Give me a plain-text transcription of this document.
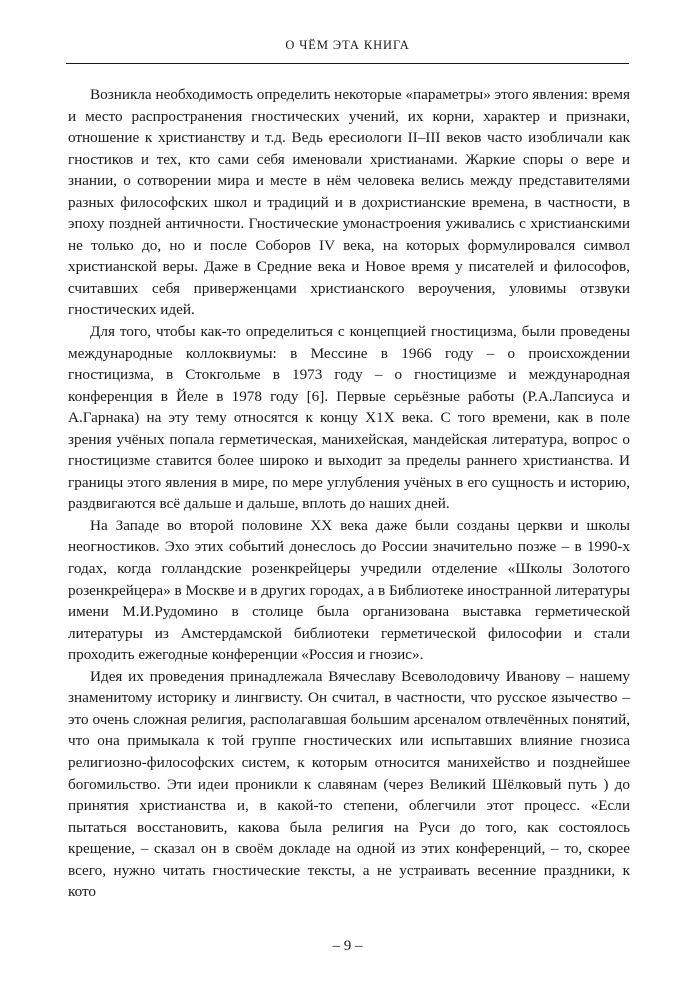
О ЧЁМ ЭТА КНИГА

Возникла необходимость определить некоторые «параметры» этого явления: время и место распространения гностических учений, их корни, характер и признаки, отношение к христианству и т.д. Ведь ересиологи II–III веков часто изобличали как гностиков и тех, кто сами себя именовали христианами. Жаркие споры о вере и знании, о сотворении мира и месте в нём человека велись между представителями разных философских школ и традиций и в дохристианские времена, в частности, в эпоху поздней античности. Гностические умонастроения уживались с христианскими не только до, но и после Соборов IV века, на которых формулировался символ христианской веры. Даже в Средние века и Новое время у писателей и философов, считавших себя приверженцами христианского вероучения, уловимы отзвуки гностических идей.

Для того, чтобы как-то определиться с концепцией гностицизма, были проведены международные коллоквиумы: в Мессине в 1966 году – о происхождении гностицизма, в Стокгольме в 1973 году – о гностицизме и международная конференция в Йеле в 1978 году [6]. Первые серьёзные работы (Р.А.Лапсиуса и А.Гарнака) на эту тему относятся к концу Х1Х века. С того времени, как в поле зрения учёных попала герметическая, манихейская, мандейская литература, вопрос о гностицизме ставится более широко и выходит за пределы раннего христианства. И границы этого явления в мире, по мере углубления учёных в его сущность и историю, раздвигаются всё дальше и дальше, вплоть до наших дней.

На Западе во второй половине ХХ века даже были созданы церкви и школы неогностиков. Эхо этих событий донеслось до России значительно позже – в 1990-х годах, когда голландские розенкрейцеры учредили отделение «Школы Золотого розенкрейцера» в Москве и в других городах, а в Библиотеке иностранной литературы имени М.И.Рудомино в столице была организована выставка герметической литературы из Амстердамской библиотеки герметической философии и стали проходить ежегодные конференции «Россия и гнозис».

Идея их проведения принадлежала Вячеславу Всеволодовичу Иванову – нашему знаменитому историку и лингвисту. Он считал, в частности, что русское язычество – это очень сложная религия, располагавшая большим арсеналом отвлечённых понятий, что она примыкала к той группе гностических или испытавших влияние гнозиса религиозно-философских систем, к которым относится манихейство и позднейшее богомильство. Эти идеи проникли к славянам (через Великий Шёлковый путь ) до принятия христианства и, в какой-то степени, облегчили этот процесс. «Если пытаться восстановить, какова была религия на Руси до того, как состоялось крещение, – сказал он в своём докладе на одной из этих конференций, – то, скорее всего, нужно читать гностические тексты, а не устраивать весенние праздники, к кото

– 9 –
